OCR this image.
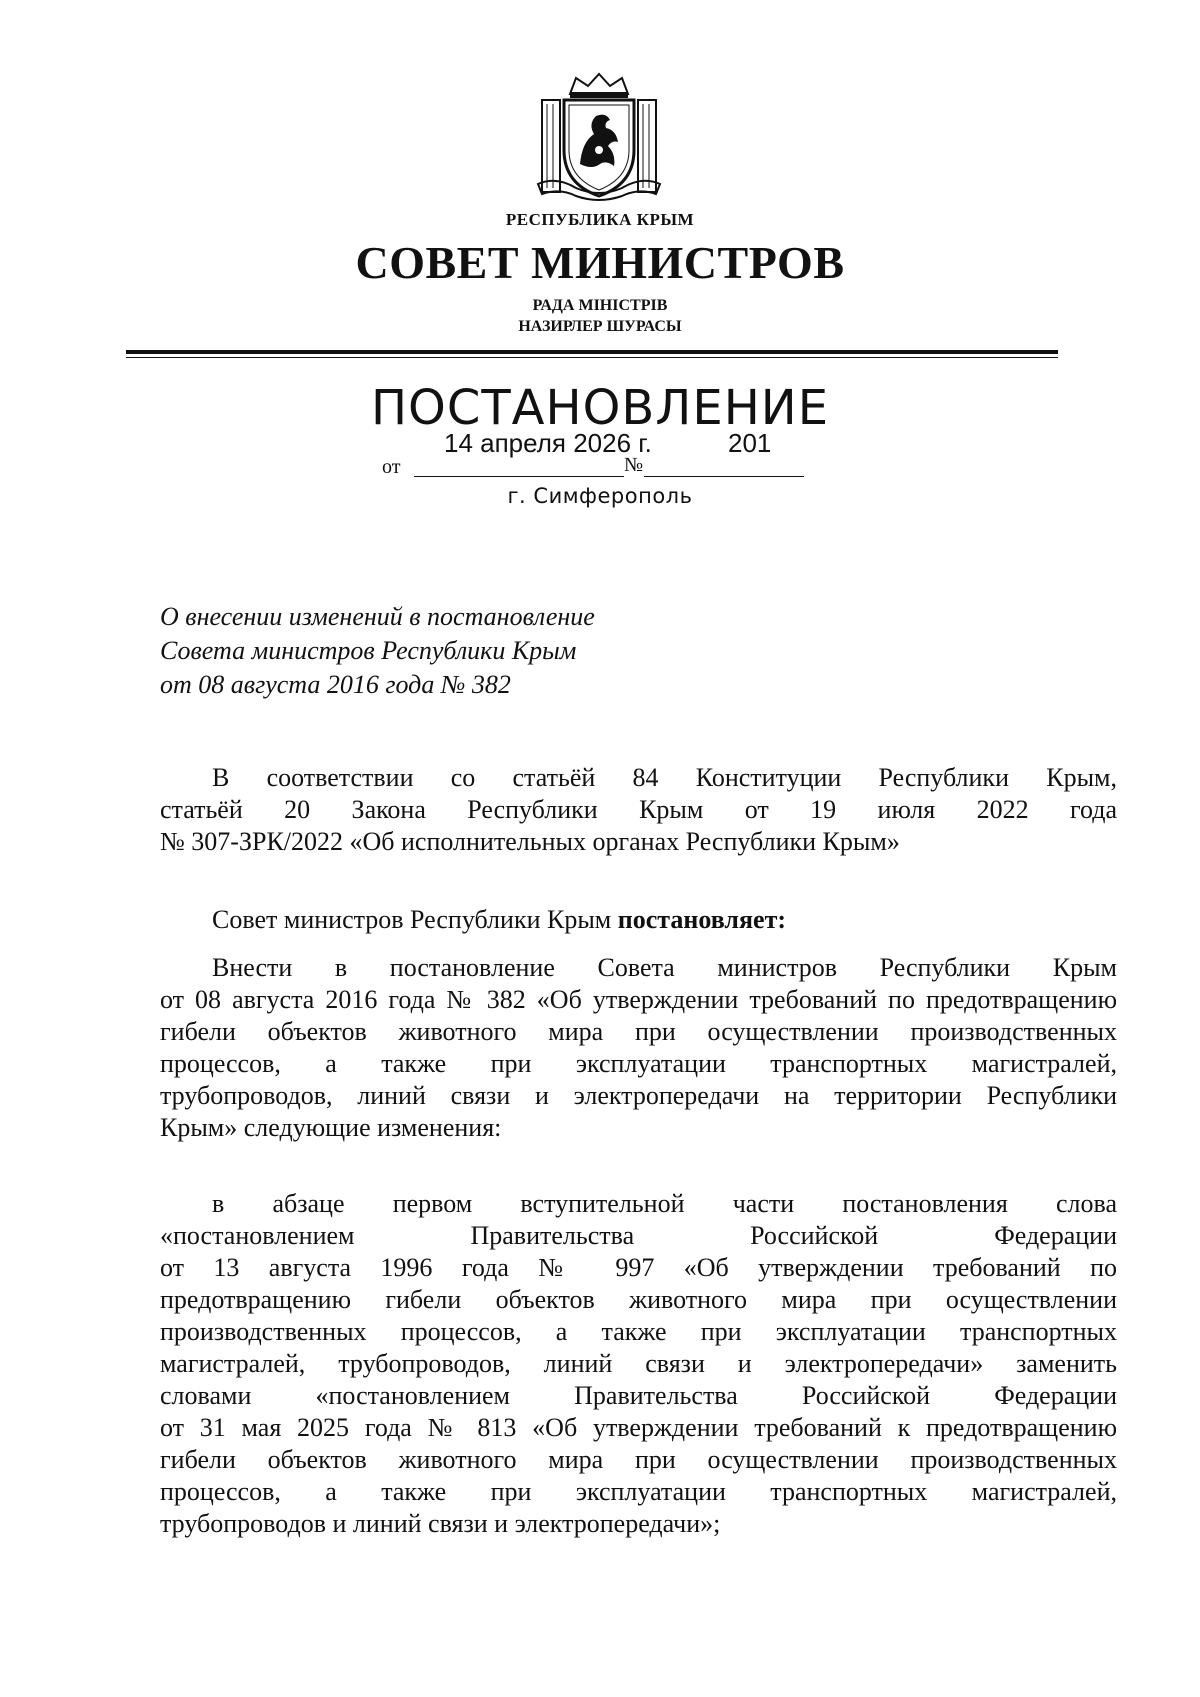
РЕСПУБЛИКА КРЫМ
СОВЕТ МИНИСТРОВ
РАДА МІНІСТРІВ
НАЗИРЛЕР ШУРАСЫ
ПОСТАНОВЛЕНИЕ
14 апреля 2026 г.	201
от	№
г. Симферополь
О внесении изменений в постановление
Совета министров Республики Крым
от 08 августа 2016 года № 382
В соответствии со статьёй 84 Конституции Республики Крым,
статьёй 20 Закона Республики Крым от 19 июля 2022 года
№ 307-ЗРК/2022 «Об исполнительных органах Республики Крым»
Совет министров Республики Крым постановляет:
Внести в постановление Совета министров Республики Крым
от 08 августа 2016 года № 382 «Об утверждении требований по предотвращению
гибели объектов животного мира при осуществлении производственных
процессов, а также при эксплуатации транспортных магистралей,
трубопроводов, линий связи и электропередачи на территории Республики
Крым» следующие изменения:
в абзаце первом вступительной части постановления слова
«постановлением Правительства Российской Федерации
от 13 августа 1996 года № 997 «Об утверждении требований по
предотвращению гибели объектов животного мира при осуществлении
производственных процессов, а также при эксплуатации транспортных
магистралей, трубопроводов, линий связи и электропередачи» заменить
словами «постановлением Правительства Российской Федерации
от 31 мая 2025 года № 813 «Об утверждении требований к предотвращению
гибели объектов животного мира при осуществлении производственных
процессов, а также при эксплуатации транспортных магистралей,
трубопроводов и линий связи и электропередачи»;
